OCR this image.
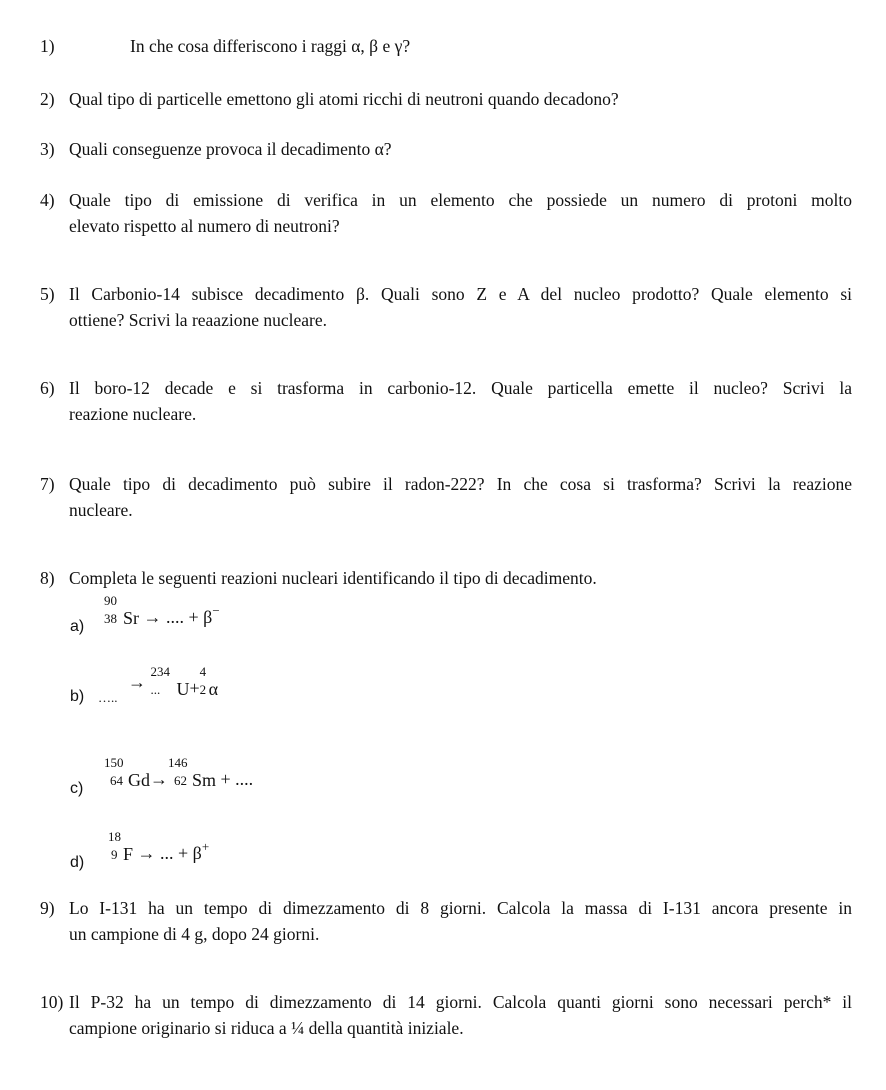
1)	In che cosa differiscono i raggi α, β e γ?
2) Qual tipo di particelle emettono gli atomi ricchi di neutroni quando decadono?
3) Quali conseguenze provoca il decadimento α?
4) Quale tipo di emissione di verifica in un elemento che possiede un numero di protoni molto
elevato rispetto al numero di neutroni?
5) Il Carbonio-14 subisce decadimento β. Quali sono Z e A del nucleo prodotto? Quale elemento si
ottiene? Scrivi la reaazione nucleare.
6) Il boro-12 decade e si trasforma in carbonio-12. Quale particella emette il nucleo? Scrivi la
reazione nucleare.
7) Quale tipo di decadimento può subire il radon-222? In che cosa si trasforma? Scrivi la reazione
nucleare.
8) Completa le seguenti reazioni nucleari identificando il tipo di decadimento.
a)
90
38 Sr → .... + β−
b) $_{\dots..}$ →
234
... U+
4
2 α
c)
150
64 Gd→
146
62 Sm + ....
d)
18
9 F → ... + β+
9) Lo I-131 ha un tempo di dimezzamento di 8 giorni. Calcola la massa di I-131 ancora presente in
un campione di 4 g, dopo 24 giorni.
10) Il P-32 ha un tempo di dimezzamento di 14 giorni. Calcola quanti giorni sono necessari perch* il
campione originario si riduca a ¼ della quantità iniziale.
